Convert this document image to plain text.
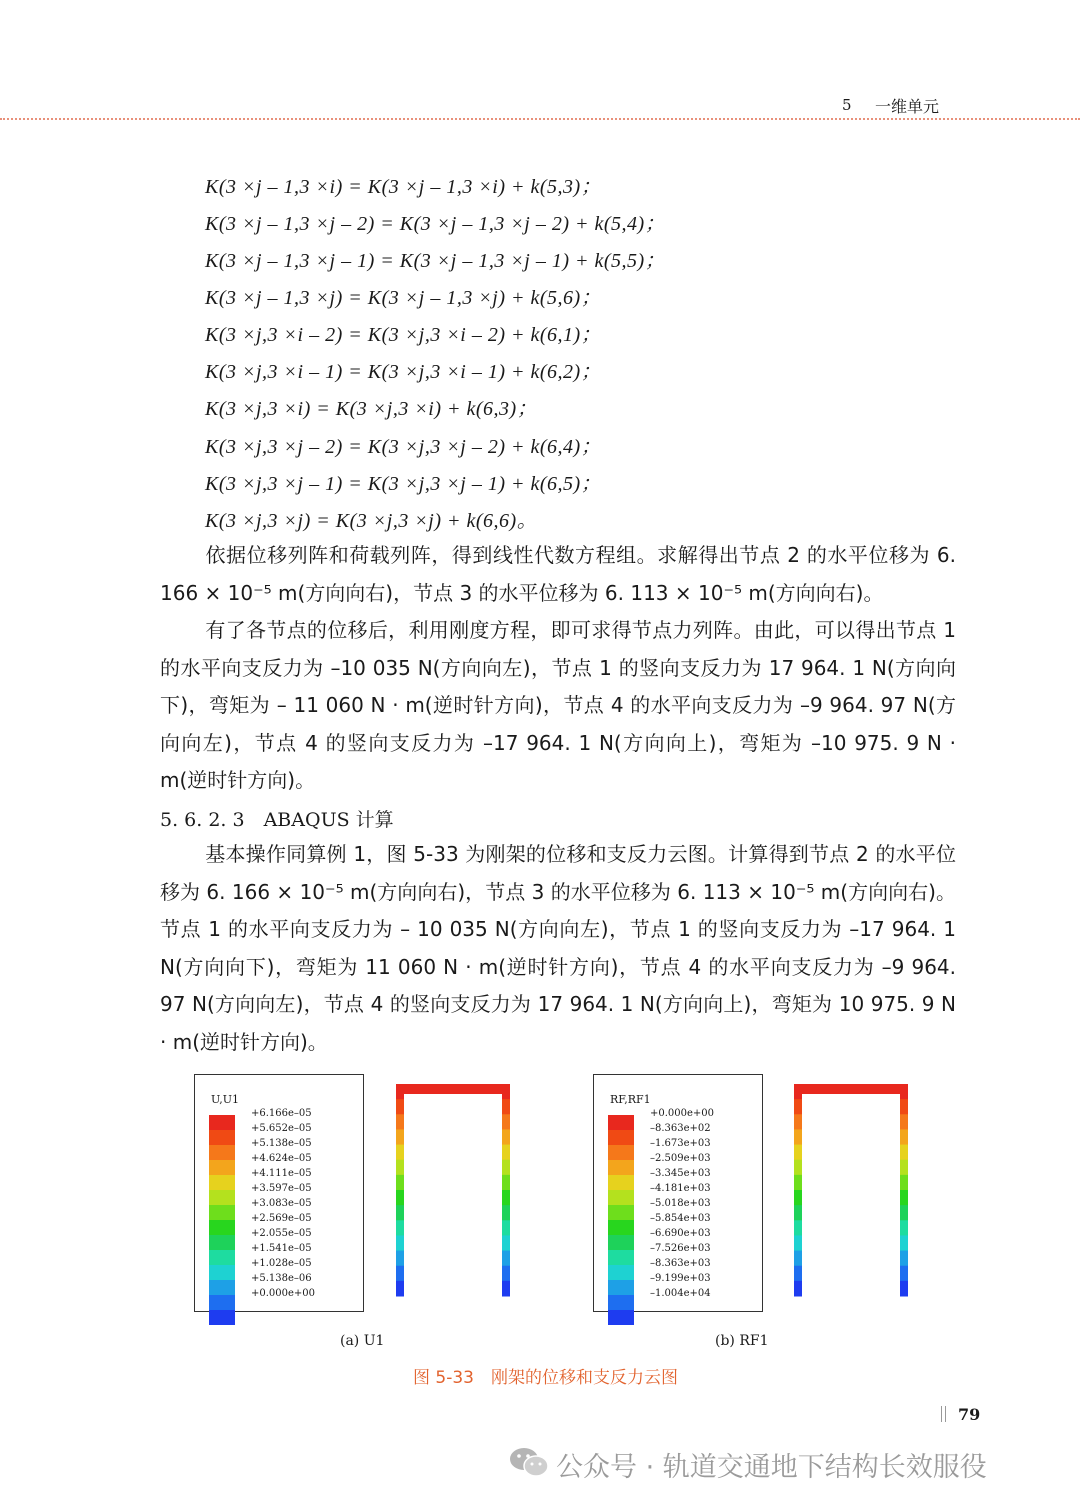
5 一维单元
K(3 ×j – 1,3 ×i) = K(3 ×j – 1,3 ×i) + k(5,3)；
K(3 ×j – 1,3 ×j – 2) = K(3 ×j – 1,3 ×j – 2) + k(5,4)；
K(3 ×j – 1,3 ×j – 1) = K(3 ×j – 1,3 ×j – 1) + k(5,5)；
K(3 ×j – 1,3 ×j) = K(3 ×j – 1,3 ×j) + k(5,6)；
K(3 ×j,3 ×i – 2) = K(3 ×j,3 ×i – 2) + k(6,1)；
K(3 ×j,3 ×i – 1) = K(3 ×j,3 ×i – 1) + k(6,2)；
K(3 ×j,3 ×i) = K(3 ×j,3 ×i) + k(6,3)；
K(3 ×j,3 ×j – 2) = K(3 ×j,3 ×j – 2) + k(6,4)；
K(3 ×j,3 ×j – 1) = K(3 ×j,3 ×j – 1) + k(6,5)；
K(3 ×j,3 ×j) = K(3 ×j,3 ×j) + k(6,6)。
依据位移列阵和荷载列阵，得到线性代数方程组。求解得出节点 2 的水平位移为 6. 166 × 10⁻⁵ m(方向向右)，节点 3 的水平位移为 6. 113 × 10⁻⁵ m(方向向右)。
有了各节点的位移后，利用刚度方程，即可求得节点力列阵。由此，可以得出节点 1 的水平向支反力为 –10 035 N(方向向左)，节点 1 的竖向支反力为 17 964. 1 N(方向向下)，弯矩为 – 11 060 N · m(逆时针方向)，节点 4 的水平向支反力为 –9 964. 97 N(方向向左)，节点 4 的竖向支反力为 –17 964. 1 N(方向向上)，弯矩为 –10 975. 9 N · m(逆时针方向)。
5. 6. 2. 3　ABAQUS 计算
基本操作同算例 1，图 5-33 为刚架的位移和支反力云图。计算得到节点 2 的水平位移为 6. 166 × 10⁻⁵ m(方向向右)，节点 3 的水平位移为 6. 113 × 10⁻⁵ m(方向向右)。节点 1 的水平向支反力为 – 10 035 N(方向向左)，节点 1 的竖向支反力为 –17 964. 1 N(方向向下)，弯矩为 11 060 N · m(逆时针方向)，节点 4 的水平向支反力为 –9 964. 97 N(方向向左)，节点 4 的竖向支反力为 17 964. 1 N(方向向上)，弯矩为 10 975. 9 N · m(逆时针方向)。
U,U1
+6.166e–05
+5.652e–05
+5.138e–05
+4.624e–05
+4.111e–05
+3.597e–05
+3.083e–05
+2.569e–05
+2.055e–05
+1.541e–05
+1.028e–05
+5.138e–06
+0.000e+00
RF,RF1
+0.000e+00
–8.363e+02
–1.673e+03
–2.509e+03
–3.345e+03
–4.181e+03
–5.018e+03
–5.854e+03
–6.690e+03
–7.526e+03
–8.363e+03
–9.199e+03
–1.004e+04
(a) U1	(b) RF1
图 5-33　刚架的位移和支反力云图
79
公众号 · 轨道交通地下结构长效服役
